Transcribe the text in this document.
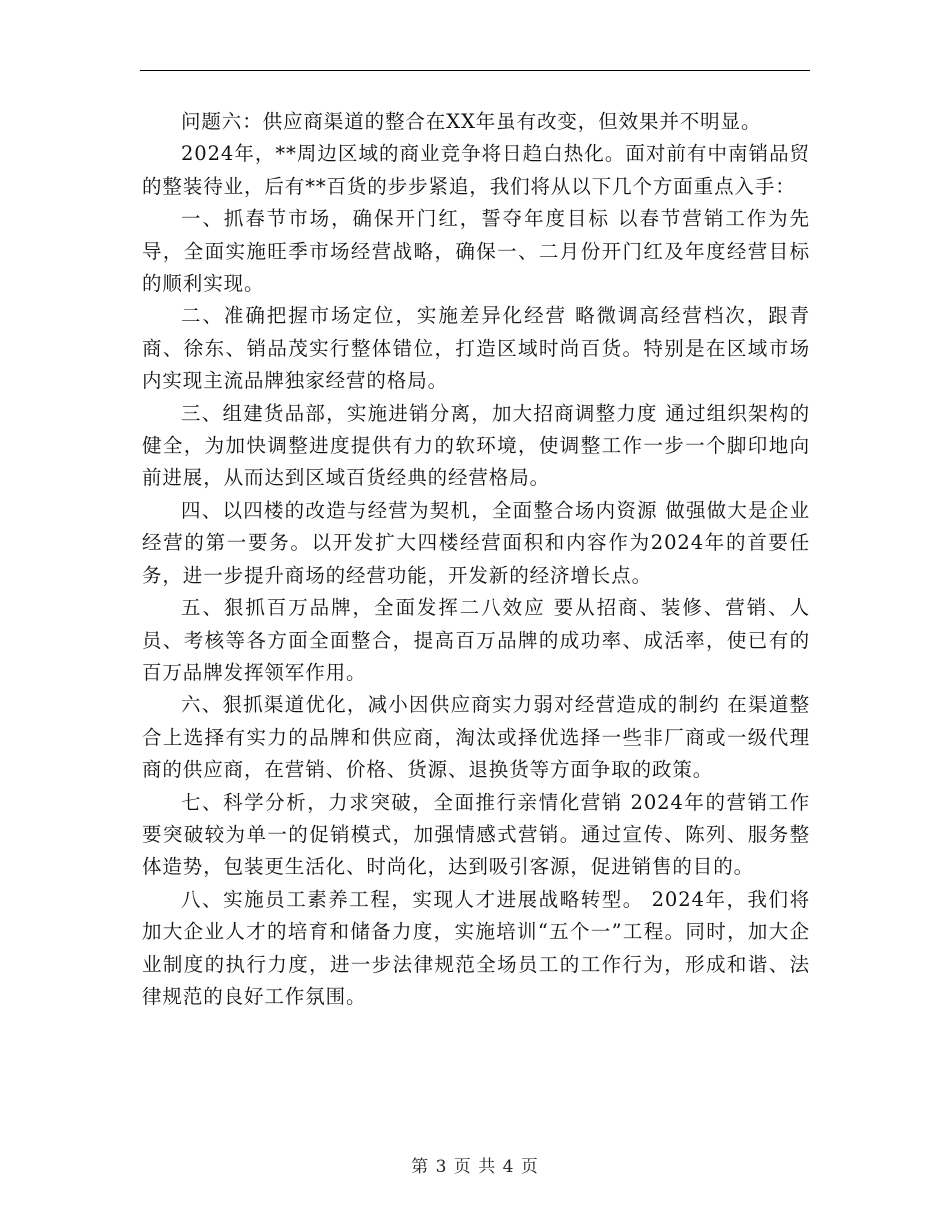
问题六：供应商渠道的整合在XX年虽有改变，但效果并不明显。

2024年，**周边区域的商业竞争将日趋白热化。面对前有中南销品贸的整装待业，后有**百货的步步紧追，我们将从以下几个方面重点入手：

一、抓春节市场，确保开门红，誓夺年度目标 以春节营销工作为先导，全面实施旺季市场经营战略，确保一、二月份开门红及年度经营目标的顺利实现。

二、准确把握市场定位，实施差异化经营 略微调高经营档次，跟青商、徐东、销品茂实行整体错位，打造区域时尚百货。特别是在区域市场内实现主流品牌独家经营的格局。

三、组建货品部，实施进销分离，加大招商调整力度 通过组织架构的健全，为加快调整进度提供有力的软环境，使调整工作一步一个脚印地向前进展，从而达到区域百货经典的经营格局。

四、以四楼的改造与经营为契机，全面整合场内资源 做强做大是企业经营的第一要务。以开发扩大四楼经营面积和内容作为2024年的首要任务，进一步提升商场的经营功能，开发新的经济增长点。

五、狠抓百万品牌，全面发挥二八效应 要从招商、装修、营销、人员、考核等各方面全面整合，提高百万品牌的成功率、成活率，使已有的百万品牌发挥领军作用。

六、狠抓渠道优化，减小因供应商实力弱对经营造成的制约 在渠道整合上选择有实力的品牌和供应商，淘汰或择优选择一些非厂商或一级代理商的供应商，在营销、价格、货源、退换货等方面争取的政策。

七、科学分析，力求突破，全面推行亲情化营销 2024年的营销工作要突破较为单一的促销模式，加强情感式营销。通过宣传、陈列、服务整体造势，包装更生活化、时尚化，达到吸引客源，促进销售的目的。

八、实施员工素养工程，实现人才进展战略转型。 2024年，我们将加大企业人才的培育和储备力度，实施培训“五个一”工程。同时，加大企业制度的执行力度，进一步法律规范全场员工的工作行为，形成和谐、法律规范的良好工作氛围。

第 3 页 共 4 页
